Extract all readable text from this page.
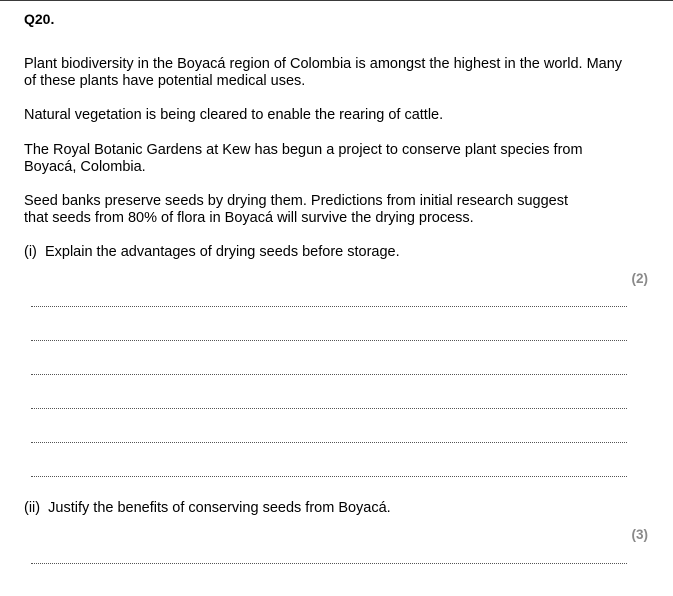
Q20.
Plant biodiversity in the Boyacá region of Colombia is amongst the highest in the world. Many of these plants have potential medical uses.
Natural vegetation is being cleared to enable the rearing of cattle.
The Royal Botanic Gardens at Kew has begun a project to conserve plant species from Boyacá, Colombia.
Seed banks preserve seeds by drying them. Predictions from initial research suggest that seeds from 80% of flora in Boyacá will survive the drying process.
(i) Explain the advantages of drying seeds before storage.
(2)
(ii) Justify the benefits of conserving seeds from Boyacá.
(3)
